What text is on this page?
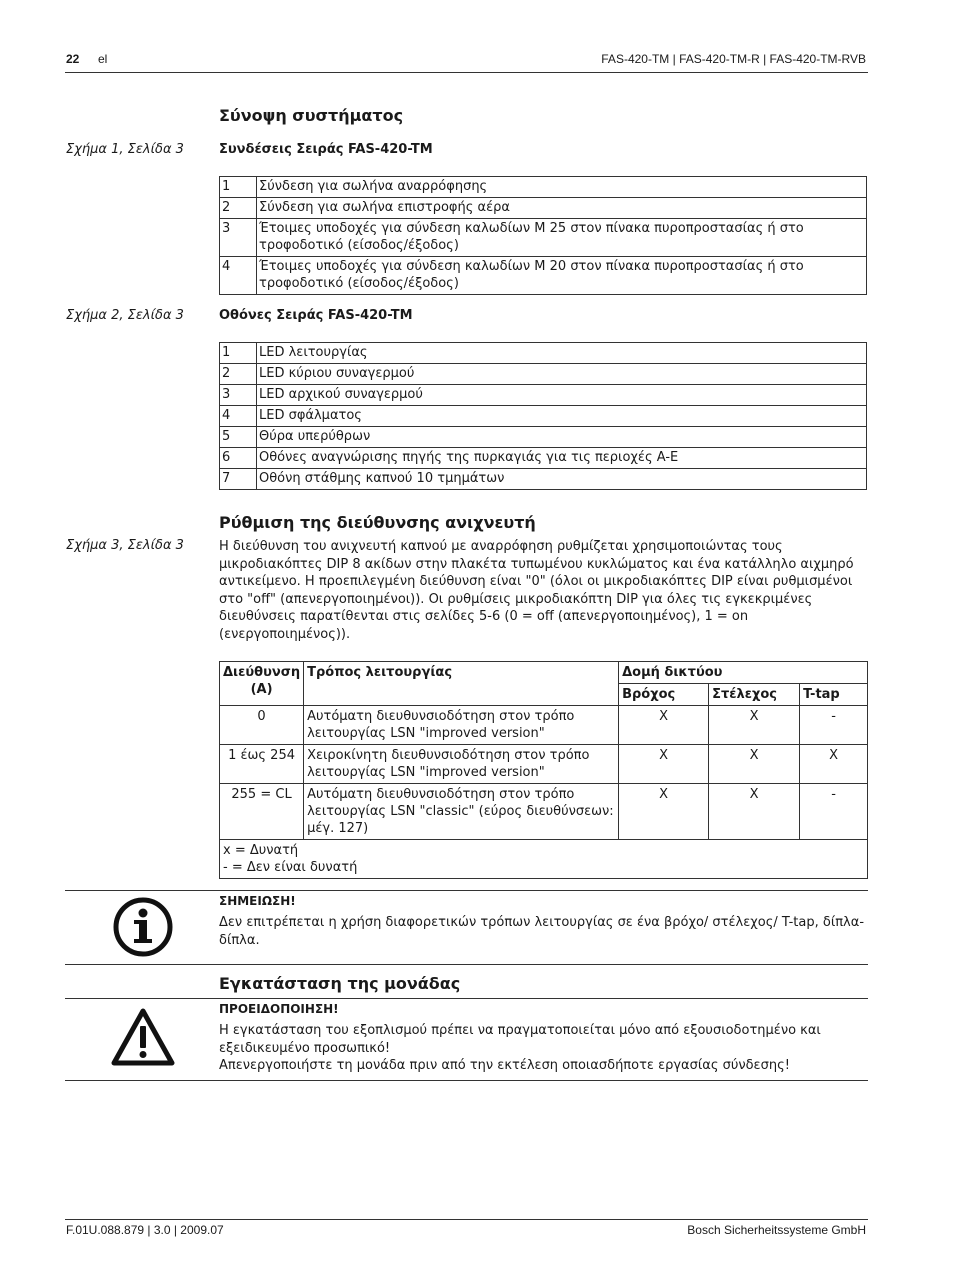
22 el	FAS-420-TM | FAS-420-TM-R | FAS-420-TM-RVB
Σύνοψη συστήματος
Σχήμα 1, Σελίδα 3	Συνδέσεις Σειράς FAS-420-TM
1	Σύνδεση για σωλήνα αναρρόφησης
2	Σύνδεση για σωλήνα επιστροφής αέρα
3	Έτοιμες υποδοχές για σύνδεση καλωδίων M 25 στον πίνακα πυροπροστασίας ή στο τροφοδοτικό (είσοδος/έξοδος)
4	Έτοιμες υποδοχές για σύνδεση καλωδίων M 20 στον πίνακα πυροπροστασίας ή στο τροφοδοτικό (είσοδος/έξοδος)
Σχήμα 2, Σελίδα 3	Οθόνες Σειράς FAS-420-TM
1	LED λειτουργίας
2	LED κύριου συναγερμού
3	LED αρχικού συναγερμού
4	LED σφάλματος
5	Θύρα υπερύθρων
6	Οθόνες αναγνώρισης πηγής της πυρκαγιάς για τις περιοχές A-E
7	Οθόνη στάθμης καπνού 10 τμημάτων
Ρύθμιση της διεύθυνσης ανιχνευτή
Σχήμα 3, Σελίδα 3	Η διεύθυνση του ανιχνευτή καπνού με αναρρόφηση ρυθμίζεται χρησιμοποιώντας τους μικροδιακόπτες DIP 8 ακίδων στην πλακέτα τυπωμένου κυκλώματος και ένα κατάλληλο αιχμηρό αντικείμενο. Η προεπιλεγμένη διεύθυνση είναι "0" (όλοι οι μικροδιακόπτες DIP είναι ρυθμισμένοι στο "off" (απενεργοποιημένοι)). Οι ρυθμίσεις μικροδιακόπτη DIP για όλες τις εγκεκριμένες διευθύνσεις παρατίθενται στις σελίδες 5-6 (0 = off (απενεργοποιημένος), 1 = on (ενεργοποιημένος)).
Διεύθυνση (A)	Τρόπος λειτουργίας	Δομή δικτύου		
		Βρόχος	Στέλεχος	T-tap
0	Αυτόματη διευθυνσιοδότηση στον τρόπο λειτουργίας LSN "improved version"	X	X	-
1 έως 254	Χειροκίνητη διευθυνσιοδότηση στον τρόπο λειτουργίας LSN "improved version"	X	X	X
255 = CL	Αυτόματη διευθυνσιοδότηση στον τρόπο λειτουργίας LSN "classic" (εύρος διευθύνσεων: μέγ. 127)	X	X	-

x = Δυνατή
- = Δεν είναι δυνατή				
ΣΗΜΕΙΩΣΗ!
Δεν επιτρέπεται η χρήση διαφορετικών τρόπων λειτουργίας σε ένα βρόχο/ στέλεχος/ T-tap, δίπλα-δίπλα.
Εγκατάσταση της μονάδας
ΠΡΟΕΙΔΟΠΟΙΗΣΗ!
Η εγκατάσταση του εξοπλισμού πρέπει να πραγματοποιείται μόνο από εξουσιοδοτημένο και εξειδικευμένο προσωπικό!
Απενεργοποιήστε τη μονάδα πριν από την εκτέλεση οποιασδήποτε εργασίας σύνδεσης!
F.01U.088.879 | 3.0 | 2009.07	Bosch Sicherheitssysteme GmbH
